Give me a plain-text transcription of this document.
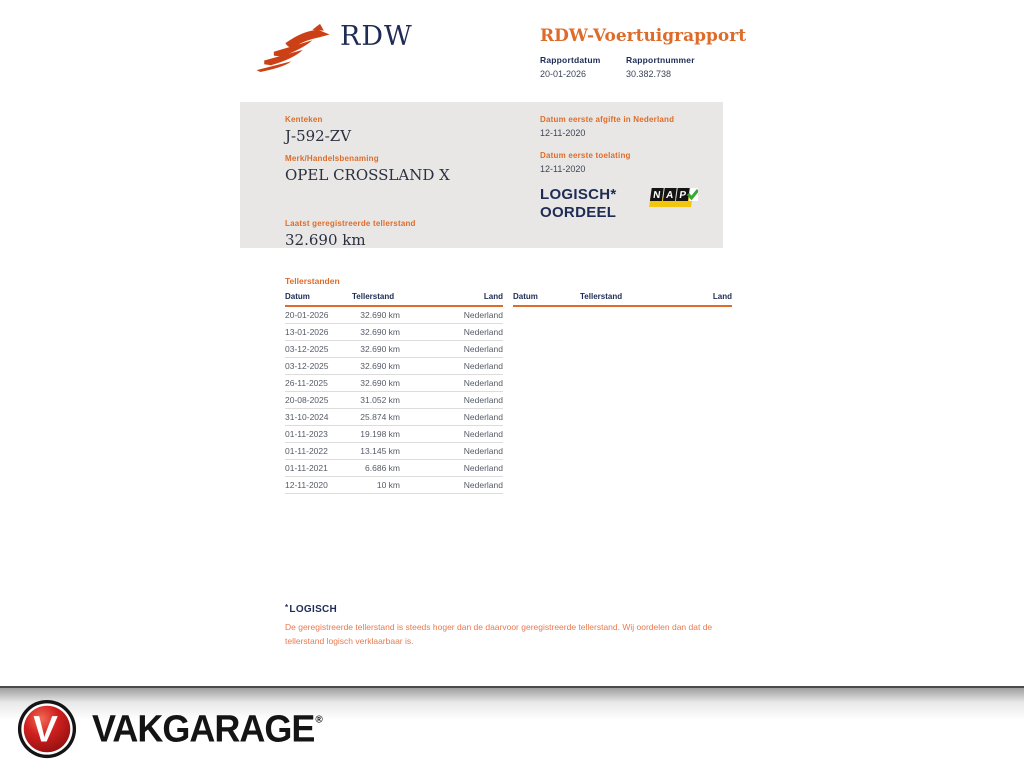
RDW	RDW-Voertuigrapport
Rapportdatum
20-01-2026
Rapportnummer
30.382.738
Kenteken
J-592-ZV
Merk/Handelsbenaming
OPEL CROSSLAND X
Laatst geregistreerde tellerstand
32.690 km
Datum eerste afgifte in Nederland
12-11-2020
Datum eerste toelating
12-11-2020
LOGISCH*
OORDEEL
N A P
Tellerstanden
Datum	Tellerstand	Land
20-01-2026	32.690 km	Nederland
13-01-2026	32.690 km	Nederland
03-12-2025	32.690 km	Nederland
03-12-2025	32.690 km	Nederland
26-11-2025	32.690 km	Nederland
20-08-2025	31.052 km	Nederland
31-10-2024	25.874 km	Nederland
01-11-2023	19.198 km	Nederland
01-11-2022	13.145 km	Nederland
01-11-2021	6.686 km	Nederland
12-11-2020	10 km	Nederland
Datum	Tellerstand	Land
*LOGISCH
De geregistreerde tellerstand is steeds hoger dan de daarvoor geregistreerde tellerstand. Wij oordelen dan dat de tellerstand logisch verklaarbaar is.
V VAKGARAGE®
